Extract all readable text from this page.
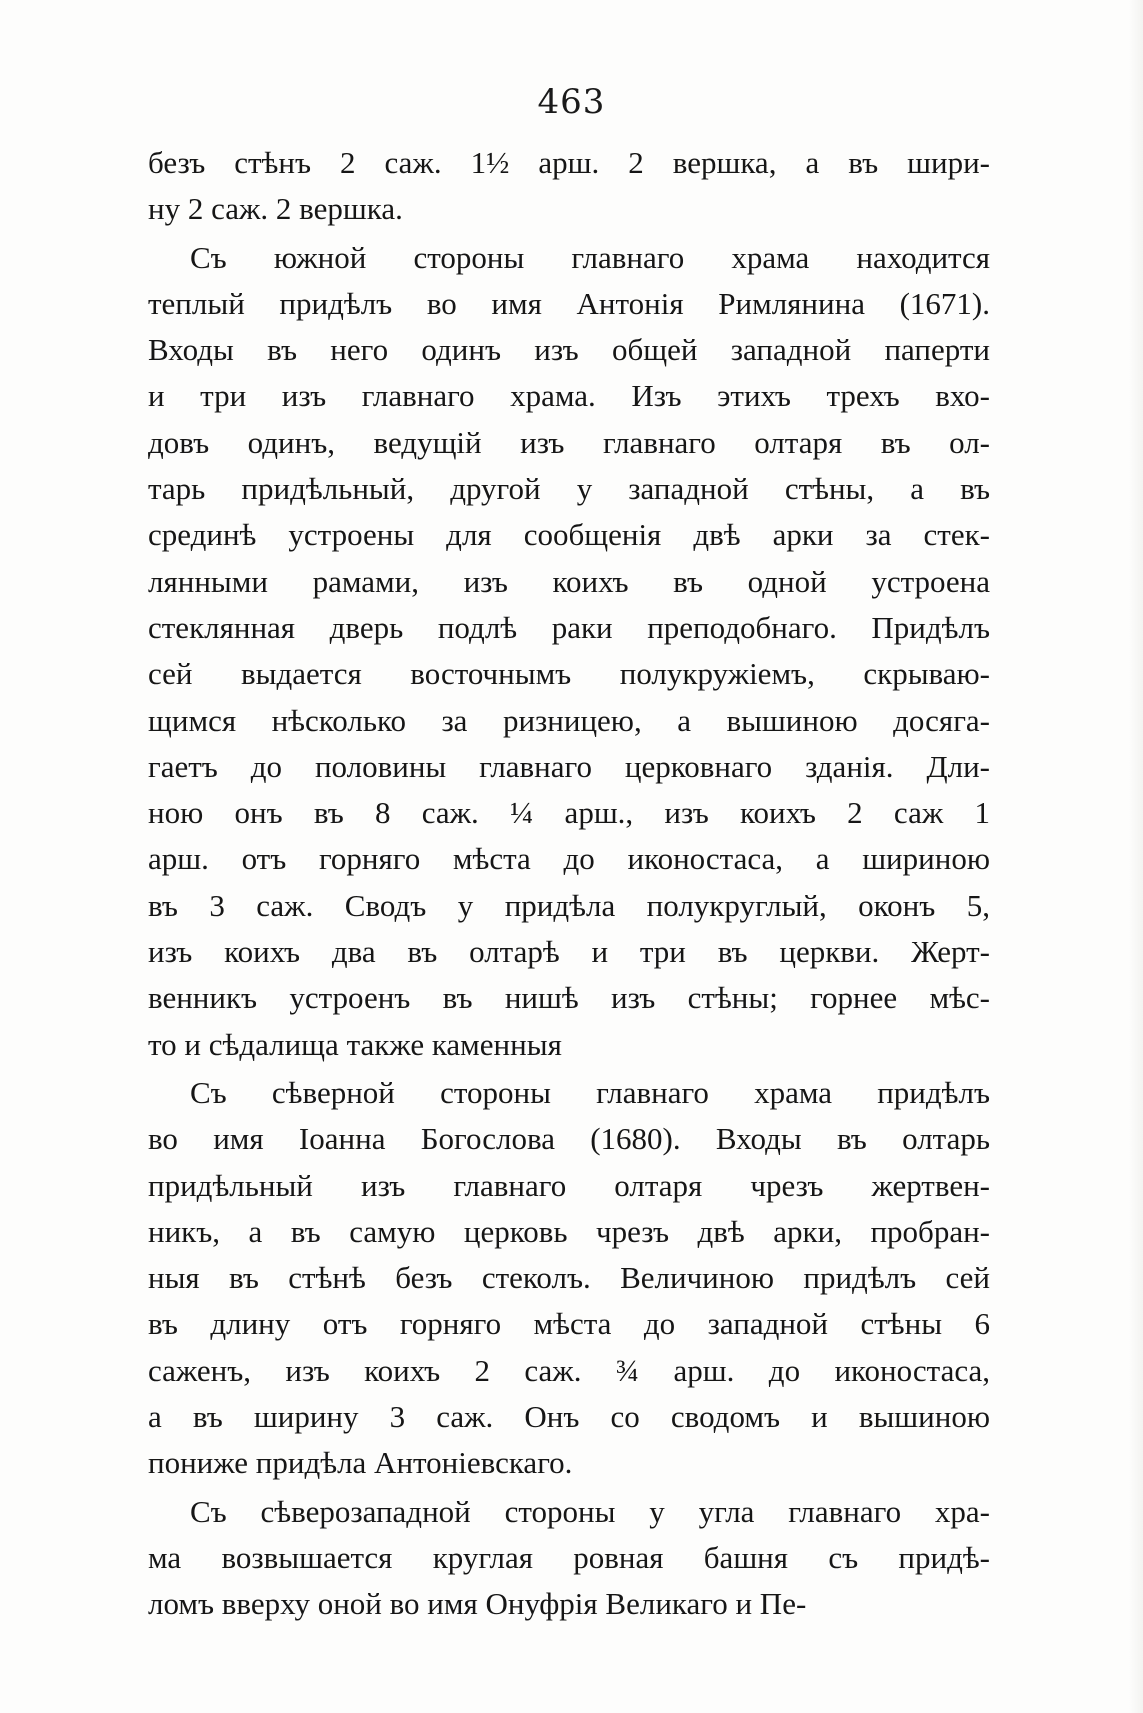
463
безъ стѣнъ 2 саж. 1½ арш. 2 вершка, а въ шири-
ну 2 саж. 2 вершка.
Съ южной стороны главнаго храма находится
теплый придѣлъ во имя Антонія Римлянина (1671).
Входы въ него одинъ изъ общей западной паперти
и три изъ главнаго храма. Изъ этихъ трехъ вхо-
довъ одинъ, ведущій изъ главнаго олтаря въ ол-
тарь придѣльный, другой у западной стѣны, а въ
срединѣ устроены для сообщенія двѣ арки за стек-
лянными рамами, изъ коихъ въ одной устроена
стеклянная дверь подлѣ раки преподобнаго. Придѣлъ
сей выдается восточнымъ полукружіемъ, скрываю-
щимся нѣсколько за ризницею, а вышиною досяга-
гаетъ до половины главнаго церковнаго зданія. Дли-
ною онъ въ 8 саж. ¼ арш., изъ коихъ 2 саж 1
арш. отъ горняго мѣста до иконостаса, а шириною
въ 3 саж. Сводъ у придѣла полукруглый, оконъ 5,
изъ коихъ два въ олтарѣ и три въ церкви. Жерт-
венникъ устроенъ въ нишѣ изъ стѣны; горнее мѣс-
то и сѣдалища также каменныя
Съ сѣверной стороны главнаго храма придѣлъ
во имя Іоанна Богослова (1680). Входы въ олтарь
придѣльный изъ главнаго олтаря чрезъ жертвен-
никъ, а въ самую церковь чрезъ двѣ арки, пробран-
ныя въ стѣнѣ безъ стеколъ. Величиною придѣлъ сей
въ длину отъ горняго мѣста до западной стѣны 6
саженъ, изъ коихъ 2 саж. ¾ арш. до иконостаса,
а въ ширину 3 саж. Онъ со сводомъ и вышиною
пониже придѣла Антоніевскаго.
Съ сѣверозападной стороны у угла главнаго хра-
ма возвышается круглая ровная башня съ придѣ-
ломъ вверху оной во имя Онуфрія Великаго и Пе-
